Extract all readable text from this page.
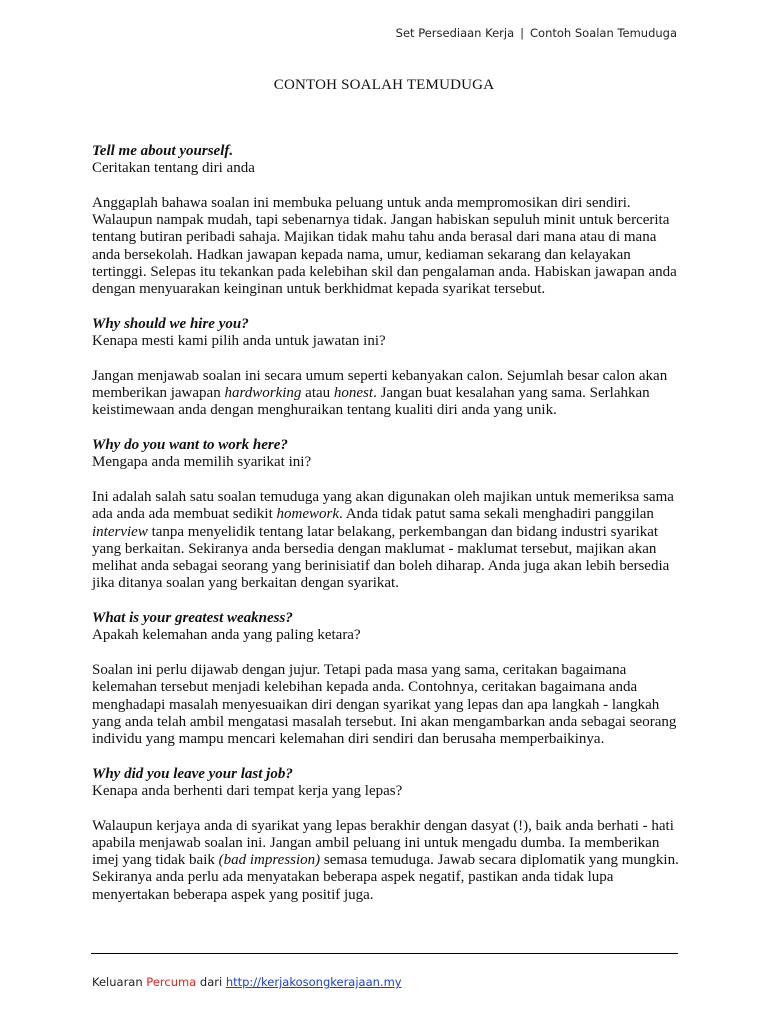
Set Persediaan Kerja | Contoh Soalan Temuduga
CONTOH SOALAH TEMUDUGA

Tell me about yourself.

Ceritakan tentang diri anda

Anggaplah bahawa soalan ini membuka peluang untuk anda mempromosikan diri sendiri. Walaupun nampak mudah, tapi sebenarnya tidak. Jangan habiskan sepuluh minit untuk bercerita tentang butiran peribadi sahaja. Majikan tidak mahu tahu anda berasal dari mana atau di mana anda bersekolah. Hadkan jawapan kepada nama, umur, kediaman sekarang dan kelayakan tertinggi. Selepas itu tekankan pada kelebihan skil dan pengalaman anda. Habiskan jawapan anda dengan menyuarakan keinginan untuk berkhidmat kepada syarikat tersebut.

Why should we hire you?

Kenapa mesti kami pilih anda untuk jawatan ini?

Jangan menjawab soalan ini secara umum seperti kebanyakan calon. Sejumlah besar calon akan memberikan jawapan hardworking atau honest. Jangan buat kesalahan yang sama. Serlahkan keistimewaan anda dengan menghuraikan tentang kualiti diri anda yang unik.

Why do you want to work here?

Mengapa anda memilih syarikat ini?

Ini adalah salah satu soalan temuduga yang akan digunakan oleh majikan untuk memeriksa sama ada anda ada membuat sedikit homework. Anda tidak patut sama sekali menghadiri panggilan interview tanpa menyelidik tentang latar belakang, perkembangan dan bidang industri syarikat yang berkaitan. Sekiranya anda bersedia dengan maklumat - maklumat tersebut, majikan akan melihat anda sebagai seorang yang berinisiatif dan boleh diharap. Anda juga akan lebih bersedia jika ditanya soalan yang berkaitan dengan syarikat.

What is your greatest weakness?

Apakah kelemahan anda yang paling ketara?

Soalan ini perlu dijawab dengan jujur. Tetapi pada masa yang sama, ceritakan bagaimana kelemahan tersebut menjadi kelebihan kepada anda. Contohnya, ceritakan bagaimana anda menghadapi masalah menyesuaikan diri dengan syarikat yang lepas dan apa langkah - langkah yang anda telah ambil mengatasi masalah tersebut. Ini akan mengambarkan anda sebagai seorang individu yang mampu mencari kelemahan diri sendiri dan berusaha memperbaikinya.

Why did you leave your last job?

Kenapa anda berhenti dari tempat kerja yang lepas?

Walaupun kerjaya anda di syarikat yang lepas berakhir dengan dasyat (!), baik anda berhati - hati apabila menjawab soalan ini. Jangan ambil peluang ini untuk mengadu dumba. Ia memberikan imej yang tidak baik (bad impression) semasa temuduga. Jawab secara diplomatik yang mungkin. Sekiranya anda perlu ada menyatakan beberapa aspek negatif, pastikan anda tidak lupa menyertakan beberapa aspek yang positif juga.

Keluaran Percuma dari http://kerjakosongkerajaan.my
